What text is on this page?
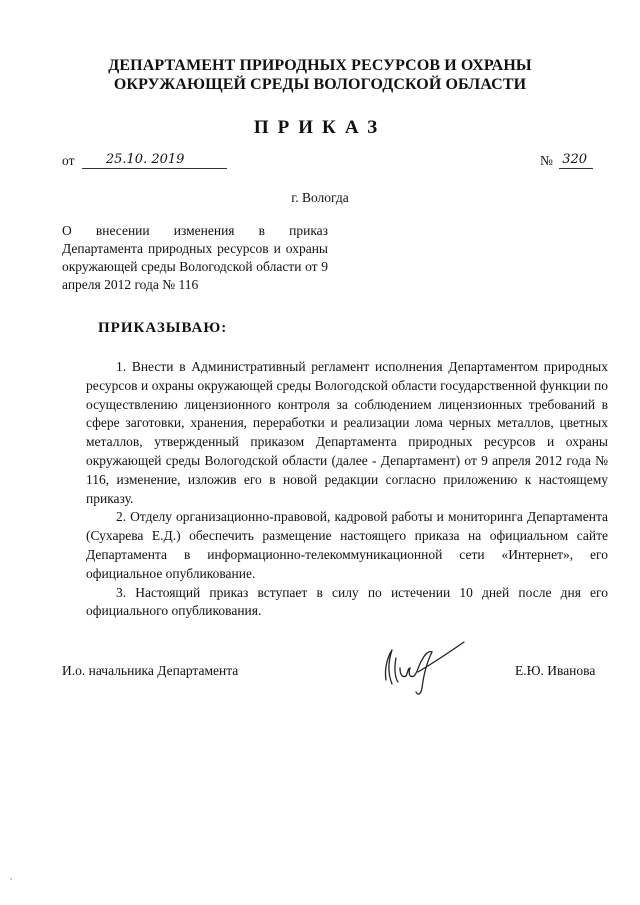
ДЕПАРТАМЕНТ ПРИРОДНЫХ РЕСУРСОВ И ОХРАНЫ
ОКРУЖАЮЩЕЙ СРЕДЫ ВОЛОГОДСКОЙ ОБЛАСТИ
ПРИКАЗ
от 25.10. 2019	№ 320
г. Вологда
О внесении изменения в приказ Департамента природных ресурсов и охраны окружающей среды Вологодской области от 9 апреля 2012 года № 116
ПРИКАЗЫВАЮ:

1. Внести в Административный регламент исполнения Департаментом природных ресурсов и охраны окружающей среды Вологодской области государственной функции по осуществлению лицензионного контроля за соблюдением лицензионных требований в сфере заготовки, хранения, переработки и реализации лома черных металлов, цветных металлов, утвержденный приказом Департамента природных ресурсов и охраны окружающей среды Вологодской области (далее - Департамент) от 9 апреля 2012 года № 116, изменение, изложив его в новой редакции согласно приложению к настоящему приказу.

2. Отделу организационно-правовой, кадровой работы и мониторинга Департамента (Сухарева Е.Д.) обеспечить размещение настоящего приказа на официальном сайте Департамента в информационно-телекоммуникационной сети «Интернет», его официальное опубликование.

3. Настоящий приказ вступает в силу по истечении 10 дней после дня его официального опубликования.

И.о. начальника Департамента	Е.Ю. Иванова
